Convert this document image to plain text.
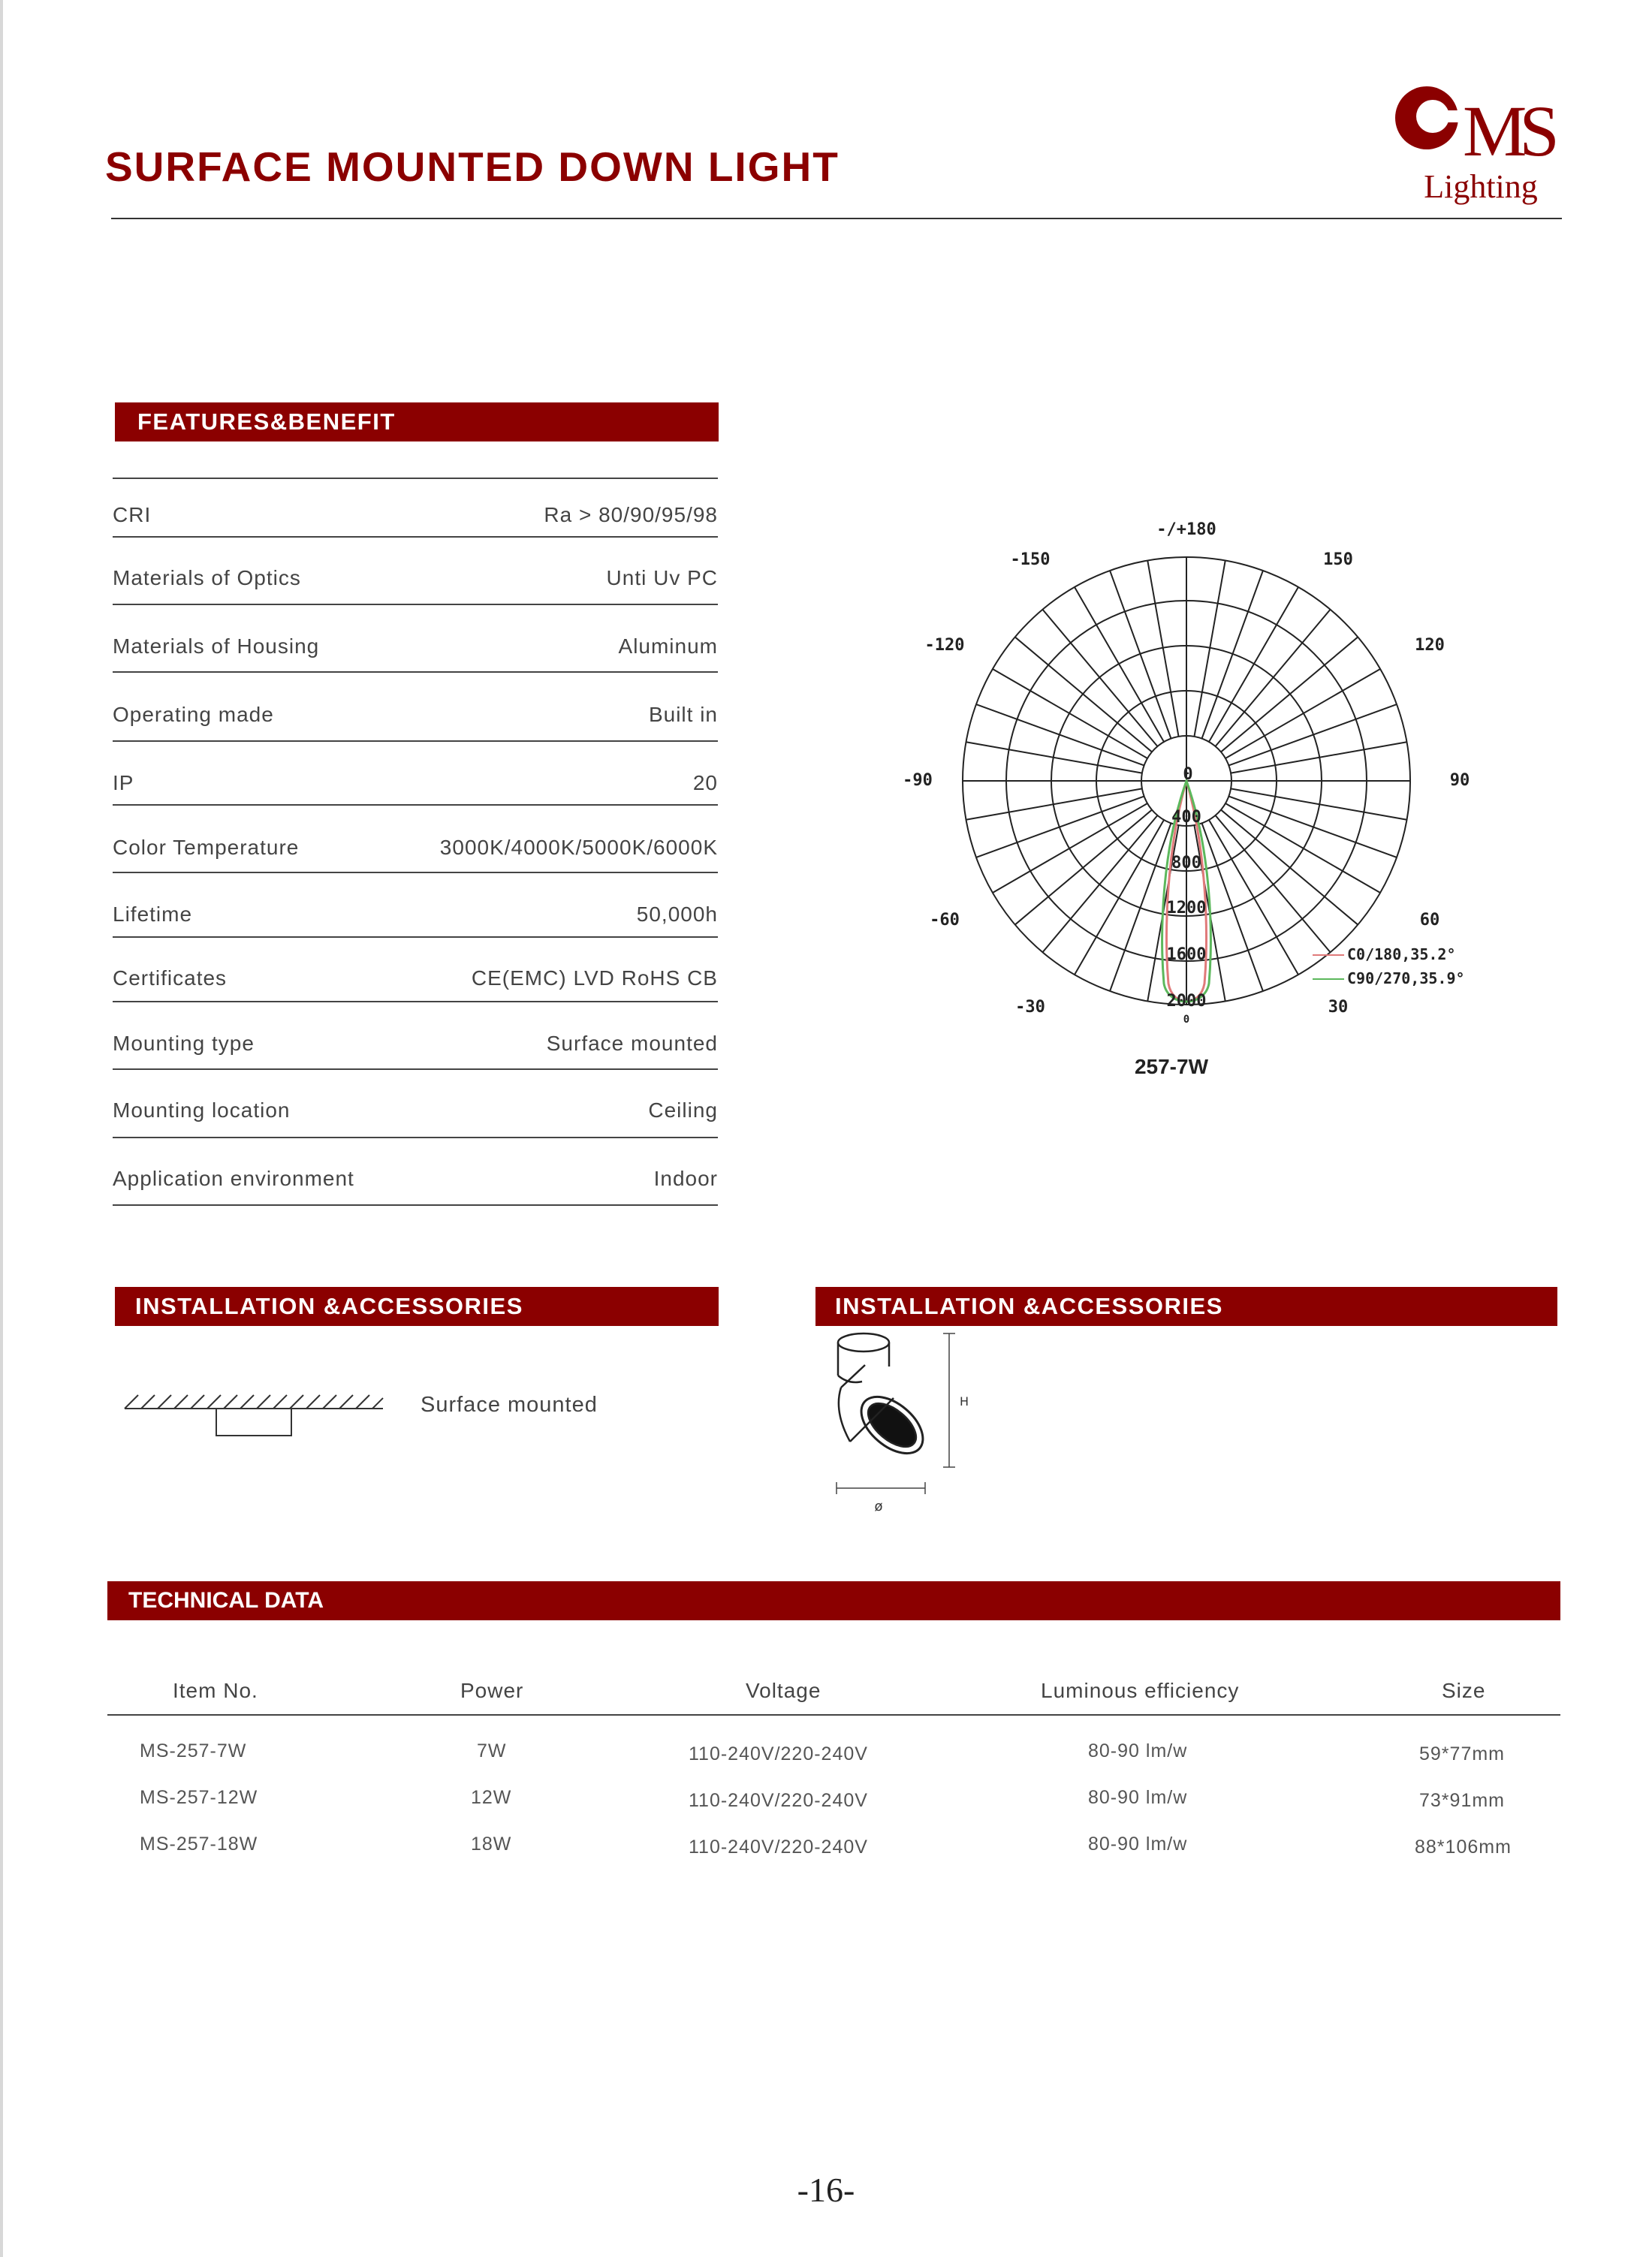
SURFACE MOUNTED DOWN LIGHT	MS
Lighting
FEATURES&BENEFIT
CRI	Ra > 80/90/95/98
Materials of Optics	Unti Uv PC
Materials of Housing	Aluminum
Operating made	Built in
IP	20
Color Temperature	3000K/4000K/5000K/6000K
Lifetime	50,000h
Certificates	CE(EMC) LVD RoHS CB
Mounting type	Surface mounted
Mounting location	Ceiling
Application environment	Indoor
-/+180
-150	150
-120	120
-90	90
-60	60
-30	30
0
0
400
800
1200
1600
2000
C0/180,35.2°
C90/270,35.9°
257-7W
INSTALLATION &ACCESSORIES	INSTALLATION &ACCESSORIES
Surface mounted	H
ø
TECHNICAL DATA
Item No.	Power	Voltage	Luminous efficiency	Size
MS-257-7W	7W	110-240V/220-240V	80-90 lm/w	59*77mm
MS-257-12W	12W	110-240V/220-240V	80-90 lm/w	73*91mm
MS-257-18W	18W	110-240V/220-240V	80-90 lm/w	88*106mm
-16-
